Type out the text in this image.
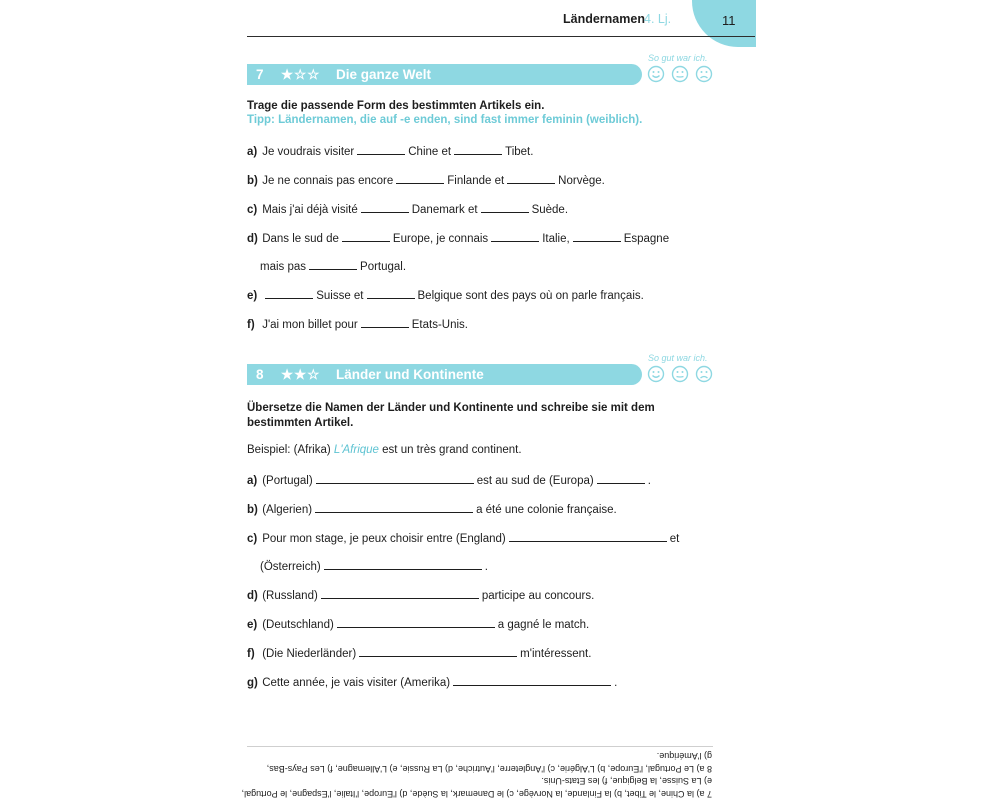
11
Ländernamen 4. Lj.
So gut war ich.
7	★☆☆	Die ganze Welt
Trage die passende Form des bestimmten Artikels ein.
Tipp: Ländernamen, die auf -e enden, sind fast immer feminin (weiblich).
a) Je voudrais visiter	Chine et	Tibet.
b) Je ne connais pas encore	Finlande et	Norvège.
c) Mais j'ai déjà visité	Danemark et	Suède.
d) Dans le sud de	Europe, je connais	Italie,	Espagne
mais pas	Portugal.
e)	Suisse et	Belgique sont des pays où on parle français.
f) J'ai mon billet pour	Etats-Unis.
So gut war ich.
8	★★☆	Länder und Kontinente
Übersetze die Namen der Länder und Kontinente und schreibe sie mit dem
bestimmten Artikel.
Beispiel: (Afrika) L'Afrique est un très grand continent.
a) (Portugal)	est au sud de (Europa)	.
b) (Algerien)	a été une colonie française.
c) Pour mon stage, je peux choisir entre (England)	et
(Österreich)	.
d) (Russland)	participe au concours.
e) (Deutschland)	a gagné le match.
f) (Die Niederländer)	m'intéressent.
g) Cette année, je vais visiter (Amerika)	.
7 a) la Chine, le Tibet, b) la Finlande, la Norvège, c) le Danemark, la Suède, d) l'Europe, l'Italie, l'Espagne, le Portugal,
e) La Suisse, la Belgique, f) les Etats-Unis.
8 a) Le Portugal, l'Europe, b) L'Algérie, c) l'Angleterre, l'Autriche, d) La Russie, e) L'Allemagne, f) Les Pays-Bas,
g) l'Amérique.
